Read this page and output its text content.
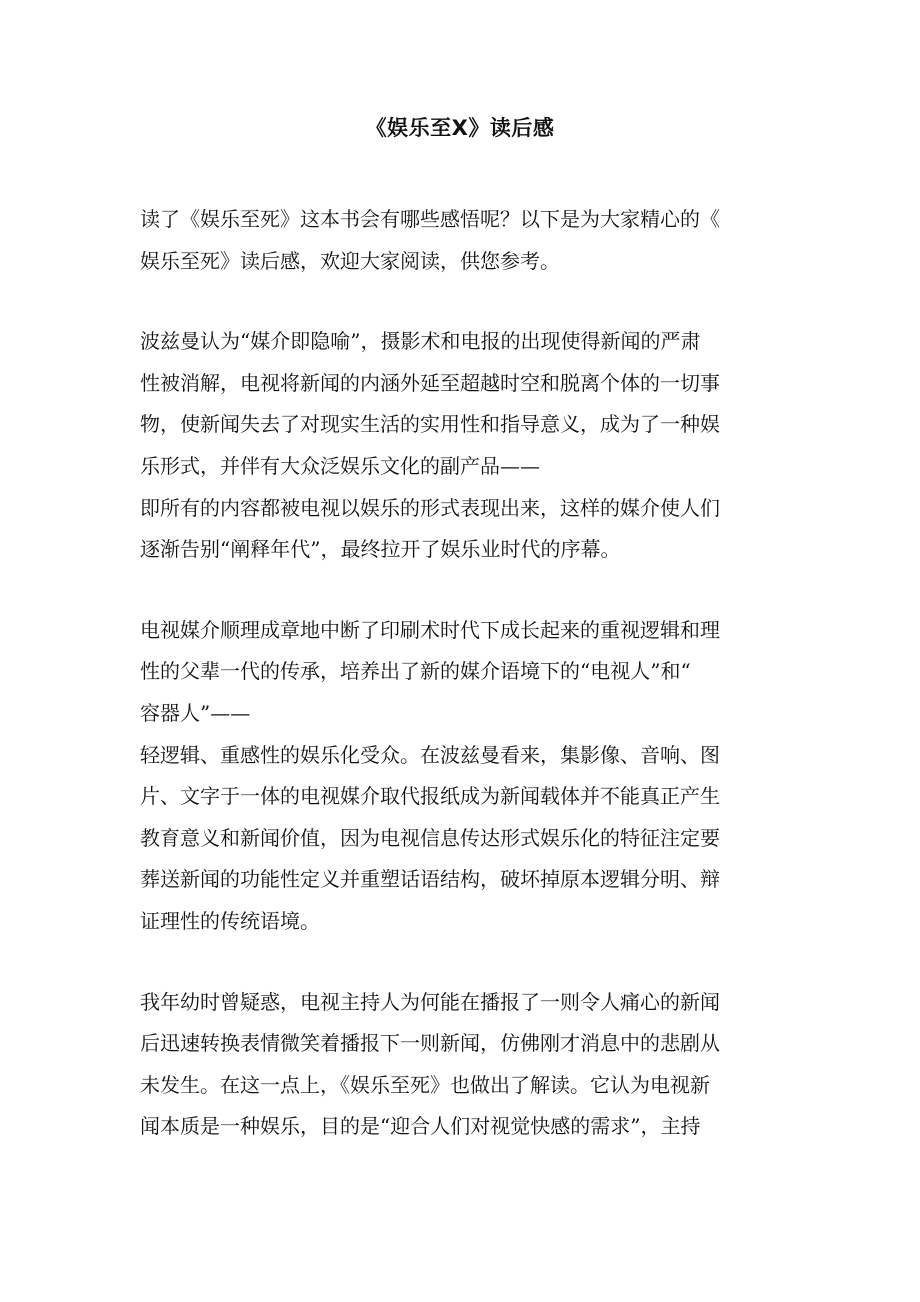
《娱乐至X》读后感

读了《娱乐至死》这本书会有哪些感悟呢？以下是为大家精心的《
娱乐至死》读后感，欢迎大家阅读，供您参考。

波兹曼认为“媒介即隐喻”，摄影术和电报的出现使得新闻的严肃
性被消解，电视将新闻的内涵外延至超越时空和脱离个体的一切事
物，使新闻失去了对现实生活的实用性和指导意义，成为了一种娱
乐形式，并伴有大众泛娱乐文化的副产品——
即所有的内容都被电视以娱乐的形式表现出来，这样的媒介使人们
逐渐告别“阐释年代”，最终拉开了娱乐业时代的序幕。

电视媒介顺理成章地中断了印刷术时代下成长起来的重视逻辑和理
性的父辈一代的传承，培养出了新的媒介语境下的“电视人”和“
容器人”——
轻逻辑、重感性的娱乐化受众。在波兹曼看来，集影像、音响、图
片、文字于一体的电视媒介取代报纸成为新闻载体并不能真正产生
教育意义和新闻价值，因为电视信息传达形式娱乐化的特征注定要
葬送新闻的功能性定义并重塑话语结构，破坏掉原本逻辑分明、辩
证理性的传统语境。

我年幼时曾疑惑，电视主持人为何能在播报了一则令人痛心的新闻
后迅速转换表情微笑着播报下一则新闻，仿佛刚才消息中的悲剧从
未发生。在这一点上，《娱乐至死》也做出了解读。它认为电视新
闻本质是一种娱乐，目的是“迎合人们对视觉快感的需求”，主持
